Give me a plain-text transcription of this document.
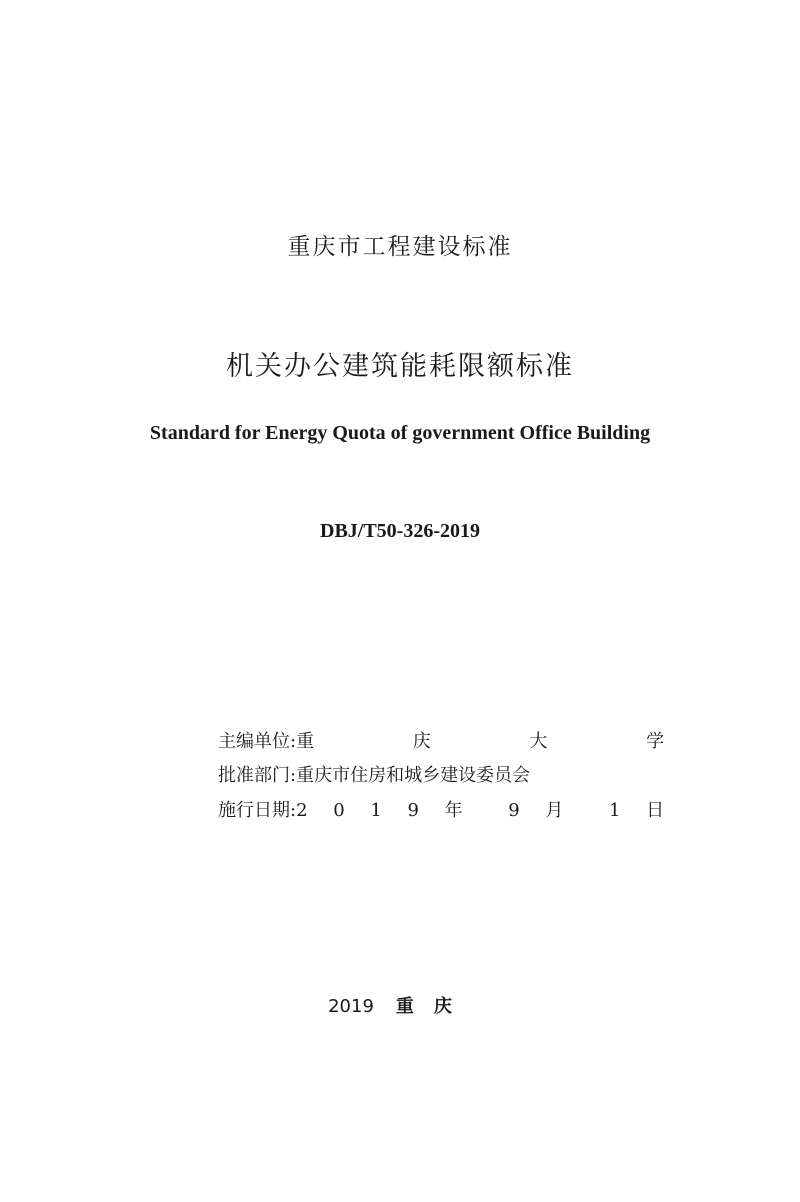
重庆市工程建设标准
机关办公建筑能耗限额标准
Standard for Energy Quota of government Office Building
DBJ/T50-326-2019
主编单位:重 庆 大 学
批准部门:重庆市住房和城乡建设委员会
施行日期:2 0 1 9 年 9 月 1 日
2019 重庆
